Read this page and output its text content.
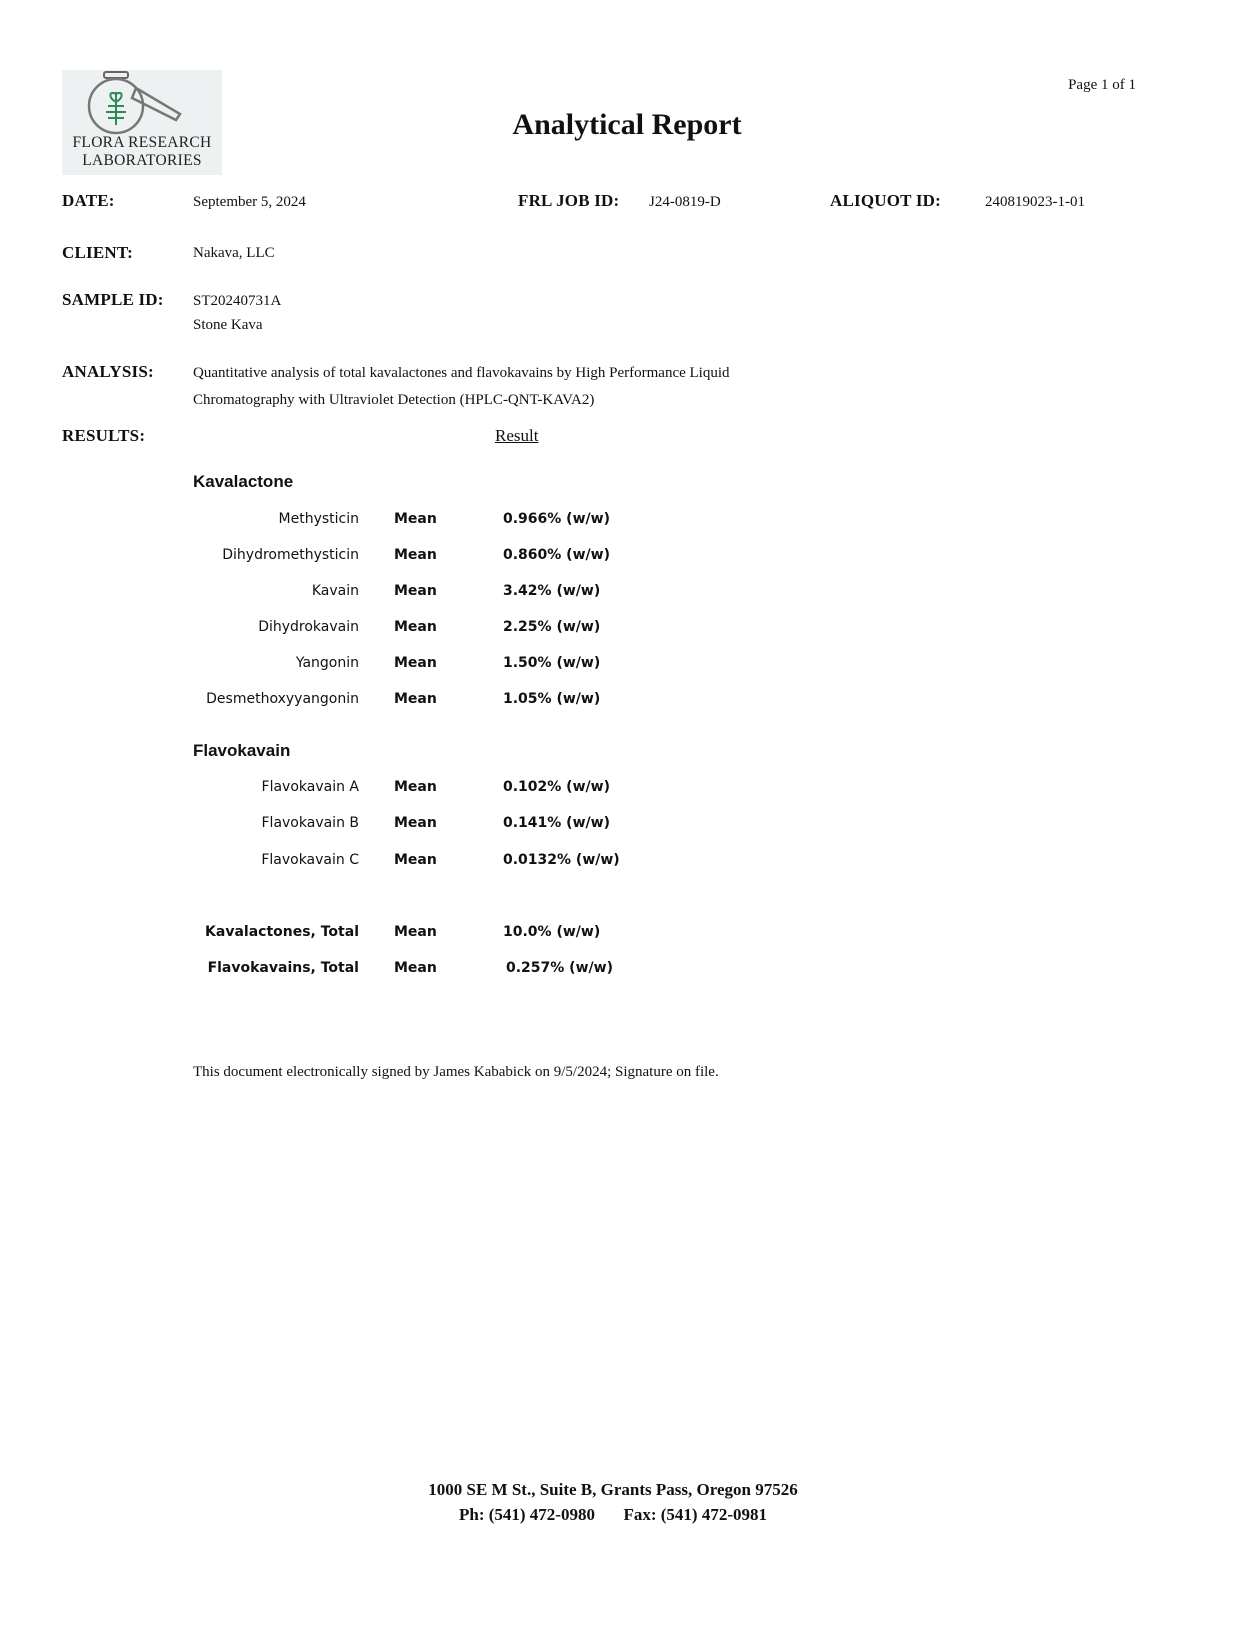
FLORA RESEARCH
LABORATORIES
Page 1 of 1
Analytical Report
DATE:	September 5, 2024	FRL JOB ID: J24-0819-D	ALIQUOT ID:	240819023-1-01
CLIENT:	Nakava, LLC
SAMPLE ID: ST20240731A
Stone Kava
ANALYSIS:	Quantitative analysis of total kavalactones and flavokavains by High Performance Liquid
Chromatography with Ultraviolet Detection (HPLC-QNT-KAVA2)
RESULTS:	Result
Kavalactone
Methysticin	Mean	0.966% (w/w)
Dihydromethysticin	Mean	0.860% (w/w)
Kavain	Mean	3.42% (w/w)
Dihydrokavain	Mean	2.25% (w/w)
Yangonin	Mean	1.50% (w/w)
Desmethoxyyangonin	Mean	1.05% (w/w)
Flavokavain
Flavokavain A	Mean	0.102% (w/w)
Flavokavain B	Mean	0.141% (w/w)
Flavokavain C	Mean	0.0132% (w/w)
Kavalactones, Total	Mean	10.0% (w/w)
Flavokavains, Total	Mean	0.257% (w/w)
This document electronically signed by James Kababick on 9/5/2024; Signature on file.
1000 SE M St., Suite B, Grants Pass, Oregon 97526
Ph: (541) 472-0980 Fax: (541) 472-0981
